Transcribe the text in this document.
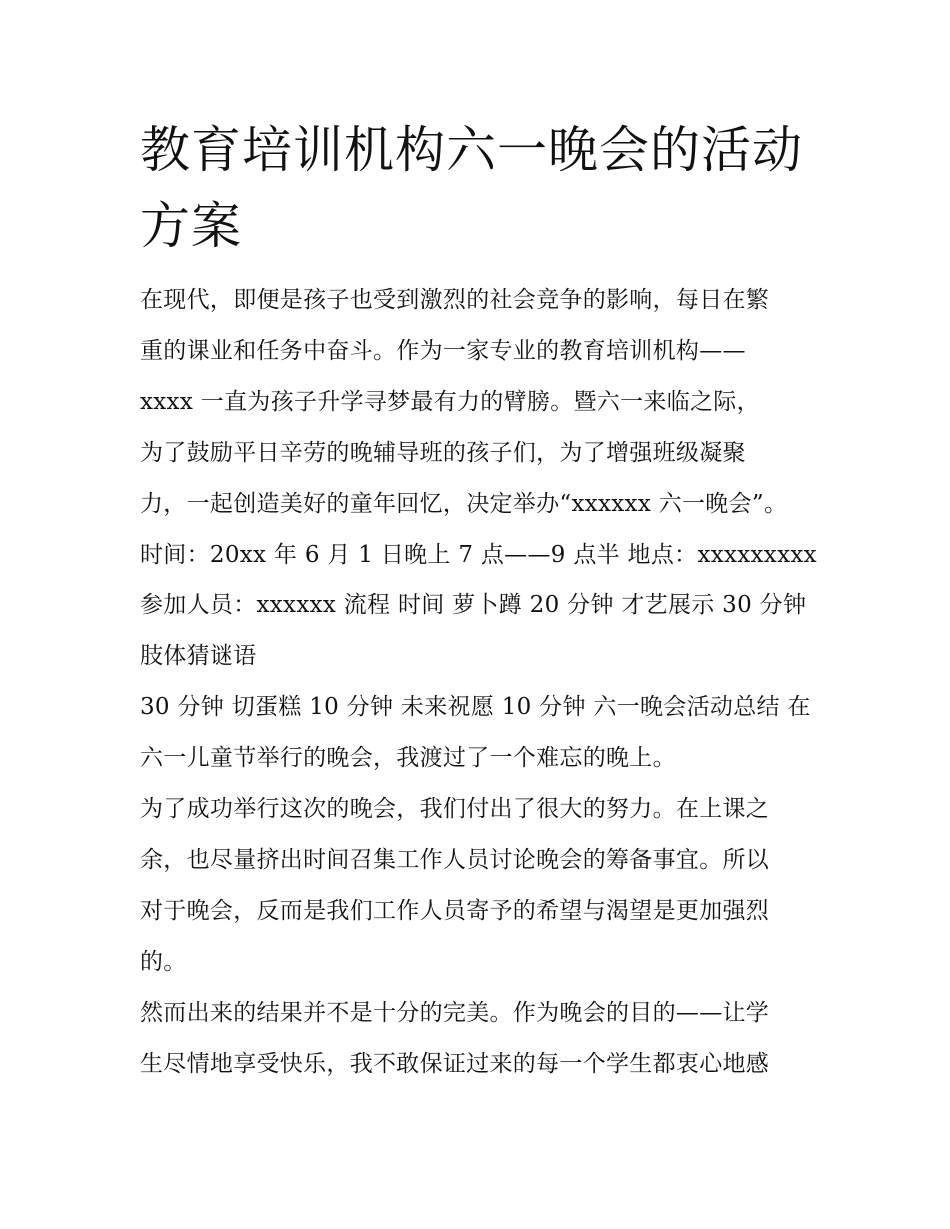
教育培训机构六一晚会的活动
方案

在现代，即便是孩子也受到激烈的社会竞争的影响，每日在繁

重的课业和任务中奋斗。作为一家专业的教育培训机构——

xxxx 一直为孩子升学寻梦最有力的臂膀。暨六一来临之际，

为了鼓励平日辛劳的晚辅导班的孩子们，为了增强班级凝聚

力，一起创造美好的童年回忆，决定举办“xxxxxx 六一晚会”。

时间：20xx 年 6 月 1 日晚上 7 点——9 点半 地点：xxxxxxxxx

参加人员：xxxxxx 流程 时间 萝卜蹲 20 分钟 才艺展示 30 分钟

肢体猜谜语

30 分钟 切蛋糕 10 分钟 未来祝愿 10 分钟 六一晚会活动总结 在

六一儿童节举行的晚会，我渡过了一个难忘的晚上。

为了成功举行这次的晚会，我们付出了很大的努力。在上课之

余，也尽量挤出时间召集工作人员讨论晚会的筹备事宜。所以

对于晚会，反而是我们工作人员寄予的希望与渴望是更加强烈

的。

然而出来的结果并不是十分的完美。作为晚会的目的——让学

生尽情地享受快乐，我不敢保证过来的每一个学生都衷心地感
